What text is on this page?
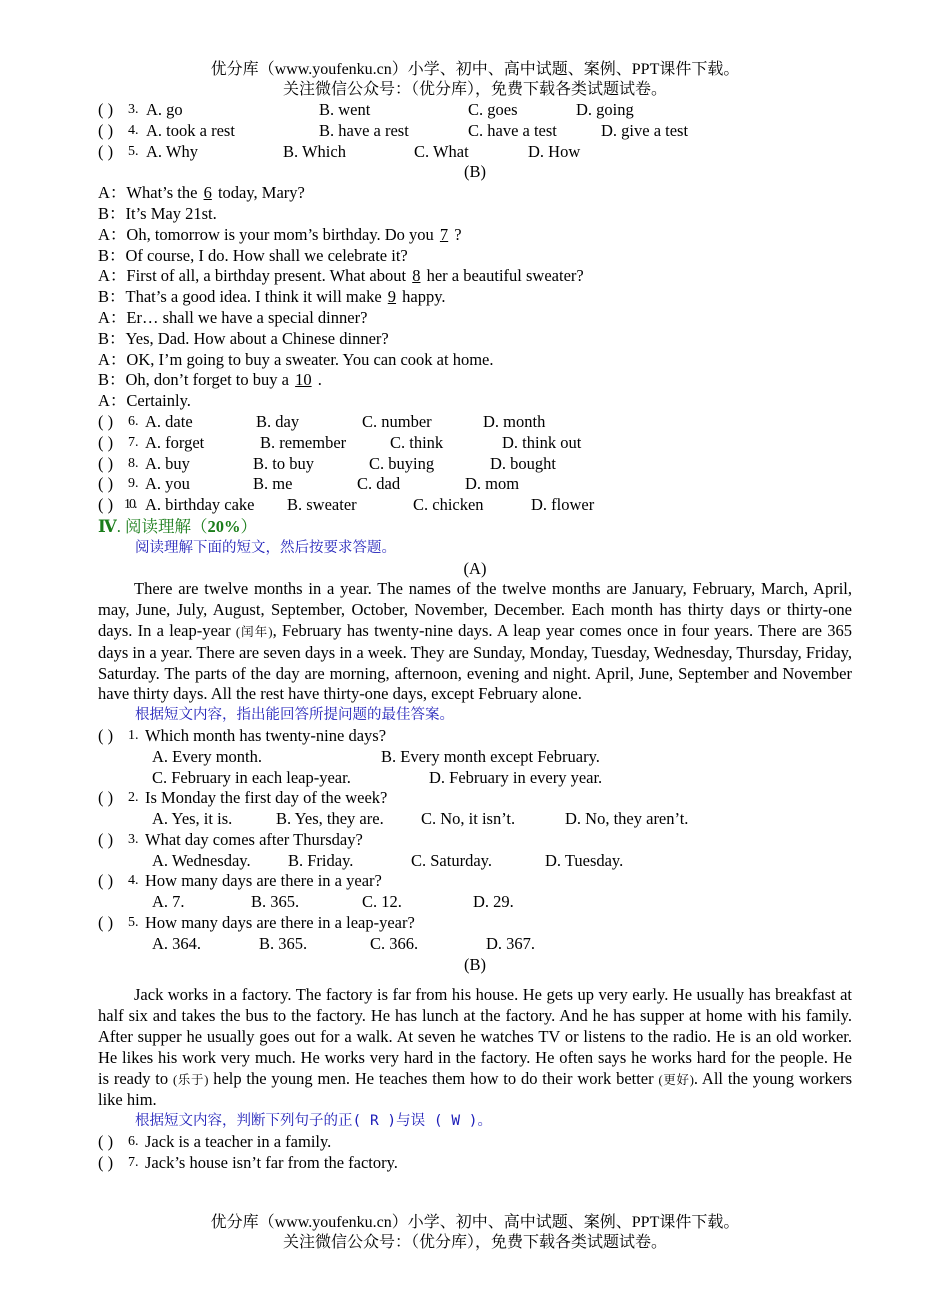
优分库（www.youfenku.cn）小学、初中、高中试题、案例、PPT课件下载。
关注微信公众号：（优分库），免费下载各类试题试卷。
( ) 3. A. go	B. went	C. goes	D. going
( ) 4. A. took a rest	B. have a rest	C. have a test	D. give a test
( ) 5. A. Why	B. Which	C. What	D. How
(B)
A：What’s the 6 today, Mary?
B：It’s May 21st.
A：Oh, tomorrow is your mom’s birthday. Do you 7 ?
B：Of course, I do. How shall we celebrate it?
A：First of all, a birthday present. What about 8 her a beautiful sweater?
B：That’s a good idea. I think it will make 9 happy.
A：Er… shall we have a special dinner?
B：Yes, Dad. How about a Chinese dinner?
A：OK, I’m going to buy a sweater. You can cook at home.
B：Oh, don’t forget to buy a 10 .
A：Certainly.
( ) 6. A. date	B. day	C. number	D. month
( ) 7. A. forget	B. remember	C. think	D. think out
( ) 8. A. buy	B. to buy	C. buying	D. bought
( ) 9. A. you	B. me	C. dad	D. mom
( ) 10. A. birthday cake B. sweater	C. chicken	D. flower
Ⅳ. 阅读理解（20%）
阅读理解下面的短文，然后按要求答题。
(A)
There are twelve months in a year. The names of the twelve months are January, February, March, April, may, June, July, August, September, October, November, December. Each month has thirty days or thirty-one days. In a leap-year (闰年), February has twenty-nine days. A leap year comes once in four years. There are 365 days in a year. There are seven days in a week. They are Sunday, Monday, Tuesday, Wednesday, Thursday, Friday, Saturday. The parts of the day are morning, afternoon, evening and night. April, June, September and November have thirty days. All the rest have thirty-one days, except February alone.
根据短文内容，指出能回答所提问题的最佳答案。
( ) 1. Which month has twenty-nine days?
A. Every month.	B. Every month except February.
C. February in each leap-year.	D. February in every year.
( ) 2. Is Monday the first day of the week?
A. Yes, it is.	B. Yes, they are. C. No, it isn’t.	D. No, they aren’t.
( ) 3. What day comes after Thursday?
A. Wednesday. B. Friday.	C. Saturday.	D. Tuesday.
( ) 4. How many days are there in a year?
A. 7.	B. 365.	C. 12.	D. 29.
( ) 5. How many days are there in a leap-year?
A. 364.	B. 365.	C. 366.	D. 367.
(B)
Jack works in a factory. The factory is far from his house. He gets up very early. He usually has breakfast at half six and takes the bus to the factory. He has lunch at the factory. And he has supper at home with his family. After supper he usually goes out for a walk. At seven he watches TV or listens to the radio. He is an old worker. He likes his work very much. He works very hard in the factory. He often says he works hard for the people. He is ready to (乐于) help the young men. He teaches them how to do their work better (更好). All the young workers like him.
根据短文内容，判断下列句子的正( R )与误 ( W )。
( ) 6. Jack is a teacher in a family.
( ) 7. Jack’s house isn’t far from the factory.
优分库（www.youfenku.cn）小学、初中、高中试题、案例、PPT课件下载。
关注微信公众号：（优分库），免费下载各类试题试卷。
